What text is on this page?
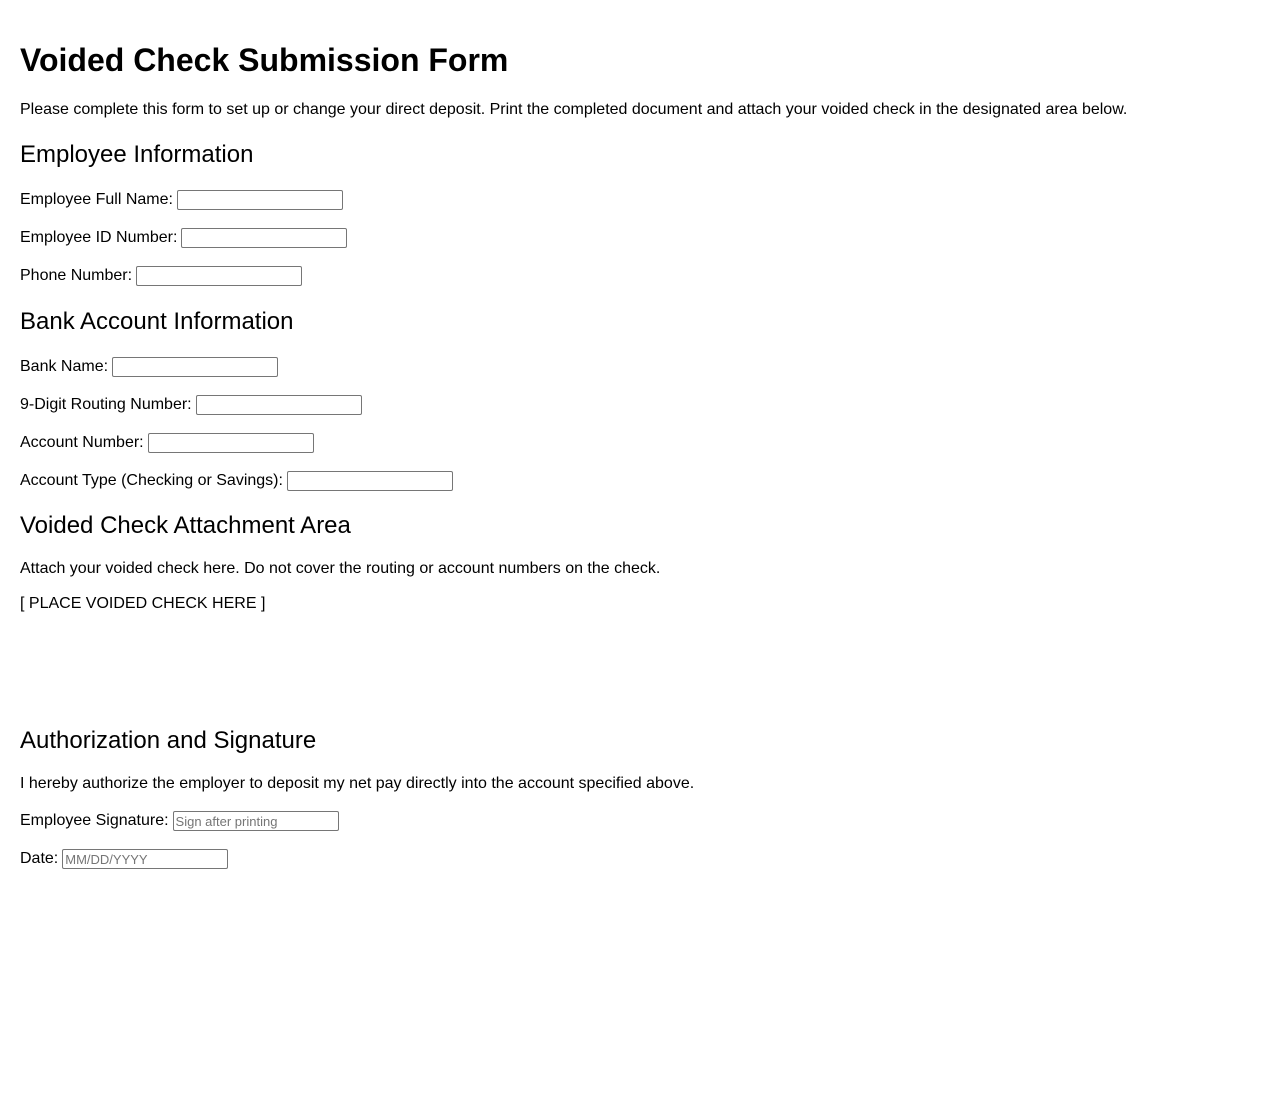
Voided Check Submission Form

Please complete this form to set up or change your direct deposit. Print the completed document and attach your voided check in the designated area below.

Employee Information
Employee Full Name:
Employee ID Number:
Phone Number:
Bank Account Information
Bank Name:
9-Digit Routing Number:
Account Number:
Account Type (Checking or Savings):
Voided Check Attachment Area

Attach your voided check here. Do not cover the routing or account numbers on the check.

[ PLACE VOIDED CHECK HERE ]

Authorization and Signature

I hereby authorize the employer to deposit my net pay directly into the account specified above.

Employee Signature:
Sign after printing
Date:
MM/DD/YYYY
